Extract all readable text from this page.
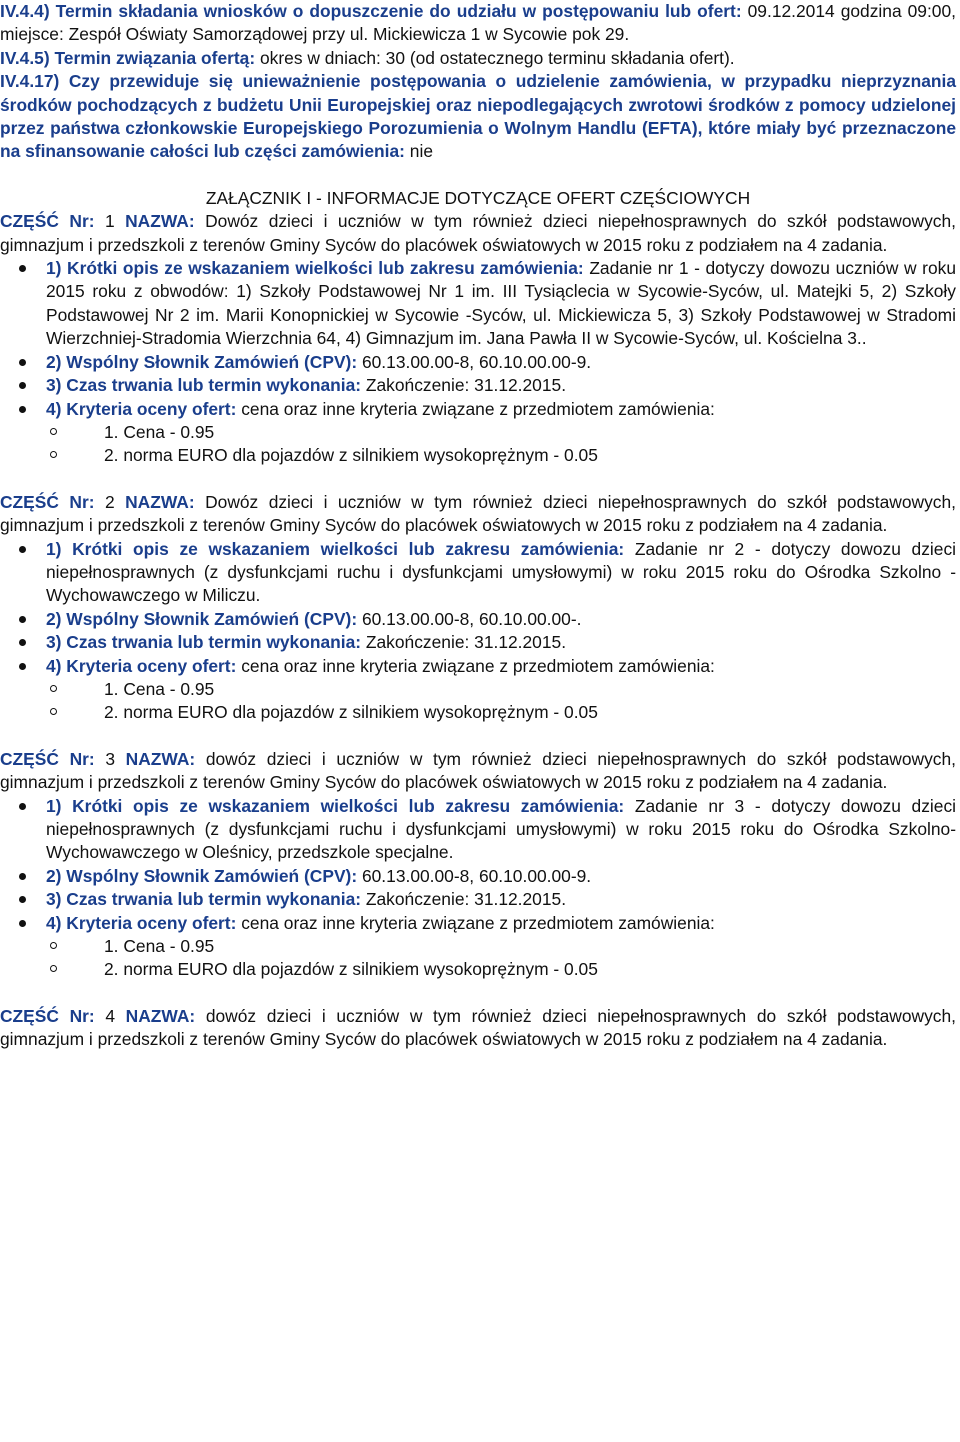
IV.4.4) Termin składania wniosków o dopuszczenie do udziału w postępowaniu lub ofert: 09.12.2014 godzina 09:00, miejsce: Zespół Oświaty Samorządowej przy ul. Mickiewicza 1 w Sycowie pok 29.

IV.4.5) Termin związania ofertą: okres w dniach: 30 (od ostatecznego terminu składania ofert).

IV.4.17) Czy przewiduje się unieważnienie postępowania o udzielenie zamówienia, w przypadku nieprzyznania środków pochodzących z budżetu Unii Europejskiej oraz niepodlegających zwrotowi środków z pomocy udzielonej przez państwa członkowskie Europejskiego Porozumienia o Wolnym Handlu (EFTA), które miały być przeznaczone na sfinansowanie całości lub części zamówienia: nie

ZAŁĄCZNIK I - INFORMACJE DOTYCZĄCE OFERT CZĘŚCIOWYCH

CZĘŚĆ Nr: 1 NAZWA: Dowóz dzieci i uczniów w tym również dzieci niepełnosprawnych do szkół podstawowych, gimnazjum i przedszkoli z terenów Gminy Syców do placówek oświatowych w 2015 roku z podziałem na 4 zadania.

1) Krótki opis ze wskazaniem wielkości lub zakresu zamówienia: Zadanie nr 1 - dotyczy dowozu uczniów w roku 2015 roku z obwodów: 1) Szkoły Podstawowej Nr 1 im. III Tysiąclecia w Sycowie-Syców, ul. Matejki 5, 2) Szkoły Podstawowej Nr 2 im. Marii Konopnickiej w Sycowie -Syców, ul. Mickiewicza 5, 3) Szkoły Podstawowej w Stradomi Wierzchniej-Stradomia Wierzchnia 64, 4) Gimnazjum im. Jana Pawła II w Sycowie-Syców, ul. Kościelna 3..
2) Wspólny Słownik Zamówień (CPV): 60.13.00.00-8, 60.10.00.00-9.
3) Czas trwania lub termin wykonania: Zakończenie: 31.12.2015.
4) Kryteria oceny ofert: cena oraz inne kryteria związane z przedmiotem zamówienia:
1. Cena - 0.95
2. norma EURO dla pojazdów z silnikiem wysokoprężnym - 0.05

CZĘŚĆ Nr: 2 NAZWA: Dowóz dzieci i uczniów w tym również dzieci niepełnosprawnych do szkół podstawowych, gimnazjum i przedszkoli z terenów Gminy Syców do placówek oświatowych w 2015 roku z podziałem na 4 zadania.

1) Krótki opis ze wskazaniem wielkości lub zakresu zamówienia: Zadanie nr 2 - dotyczy dowozu dzieci niepełnosprawnych (z dysfunkcjami ruchu i dysfunkcjami umysłowymi) w roku 2015 roku do Ośrodka Szkolno - Wychowawczego w Miliczu.
2) Wspólny Słownik Zamówień (CPV): 60.13.00.00-8, 60.10.00.00-.
3) Czas trwania lub termin wykonania: Zakończenie: 31.12.2015.
4) Kryteria oceny ofert: cena oraz inne kryteria związane z przedmiotem zamówienia:
1. Cena - 0.95
2. norma EURO dla pojazdów z silnikiem wysokoprężnym - 0.05

CZĘŚĆ Nr: 3 NAZWA: dowóz dzieci i uczniów w tym również dzieci niepełnosprawnych do szkół podstawowych, gimnazjum i przedszkoli z terenów Gminy Syców do placówek oświatowych w 2015 roku z podziałem na 4 zadania.

1) Krótki opis ze wskazaniem wielkości lub zakresu zamówienia: Zadanie nr 3 - dotyczy dowozu dzieci niepełnosprawnych (z dysfunkcjami ruchu i dysfunkcjami umysłowymi) w roku 2015 roku do Ośrodka Szkolno-Wychowawczego w Oleśnicy, przedszkole specjalne.
2) Wspólny Słownik Zamówień (CPV): 60.13.00.00-8, 60.10.00.00-9.
3) Czas trwania lub termin wykonania: Zakończenie: 31.12.2015.
4) Kryteria oceny ofert: cena oraz inne kryteria związane z przedmiotem zamówienia:
1. Cena - 0.95
2. norma EURO dla pojazdów z silnikiem wysokoprężnym - 0.05

CZĘŚĆ Nr: 4 NAZWA: dowóz dzieci i uczniów w tym również dzieci niepełnosprawnych do szkół podstawowych, gimnazjum i przedszkoli z terenów Gminy Syców do placówek oświatowych w 2015 roku z podziałem na 4 zadania.
